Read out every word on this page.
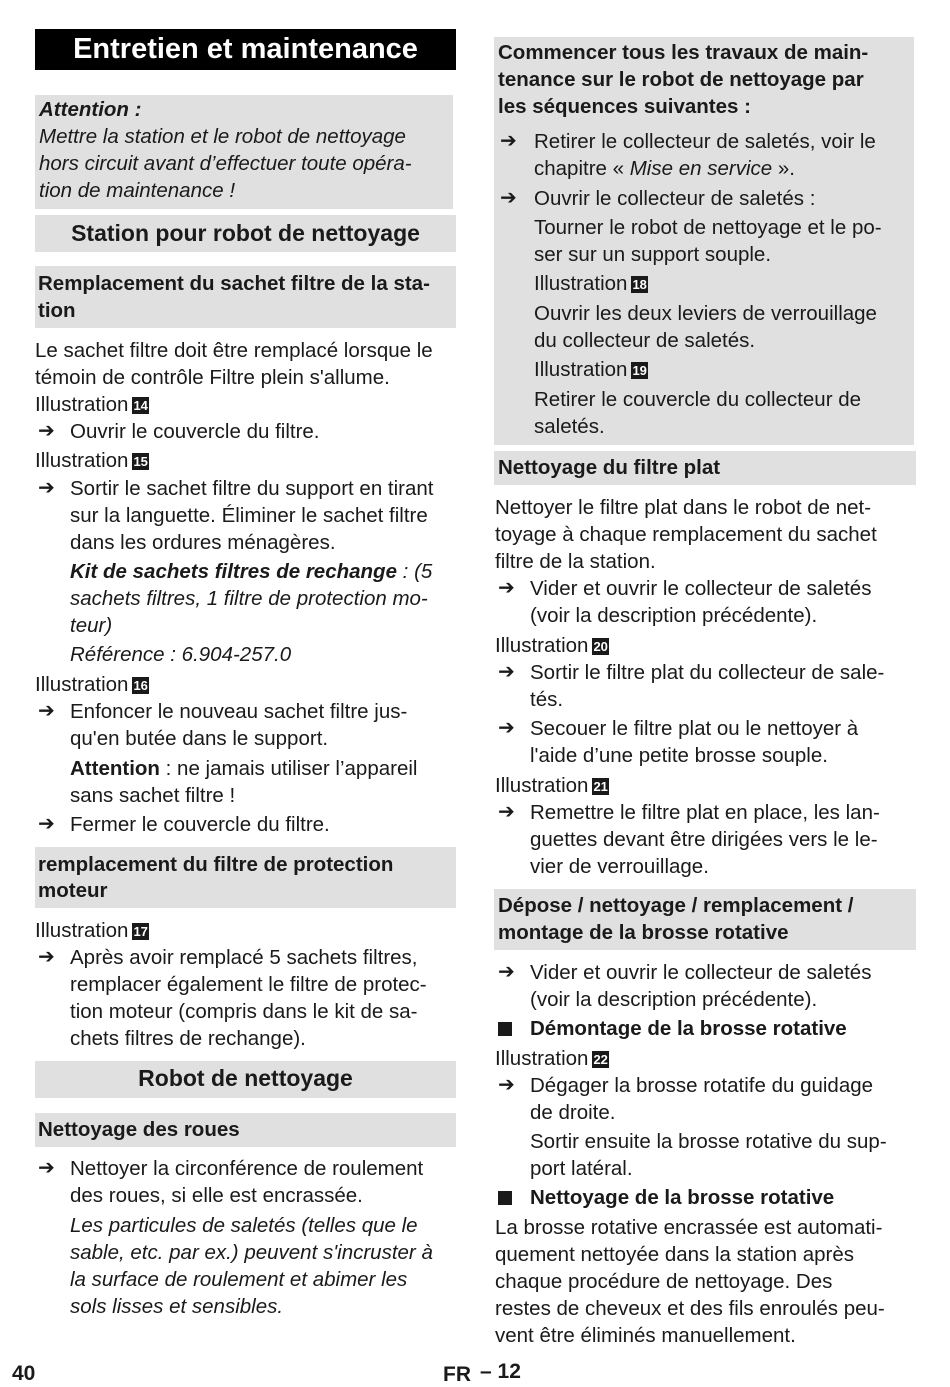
Entretien et maintenance
Attention :
Mettre la station et le robot de nettoyage
hors circuit avant d’effectuer toute opéra-
tion de maintenance !
Station pour robot de nettoyage
Remplacement du sachet filtre de la sta-
tion
Le sachet filtre doit être remplacé lorsque le
témoin de contrôle Filtre plein s'allume.
Illustration 14
➔ Ouvrir le couvercle du filtre.
Illustration 15
➔ Sortir le sachet filtre du support en tirant
sur la languette. Éliminer le sachet filtre
dans les ordures ménagères.
Kit de sachets filtres de rechange : (5
sachets filtres, 1 filtre de protection mo-
teur)
Référence : 6.904-257.0
Illustration 16
➔ Enfoncer le nouveau sachet filtre jus-
qu'en butée dans le support.
Attention : ne jamais utiliser l’appareil
sans sachet filtre !
➔ Fermer le couvercle du filtre.
remplacement du filtre de protection
moteur
Illustration 17
➔ Après avoir remplacé 5 sachets filtres,
remplacer également le filtre de protec-
tion moteur (compris dans le kit de sa-
chets filtres de rechange).
Robot de nettoyage
Nettoyage des roues
➔ Nettoyer la circonférence de roulement
des roues, si elle est encrassée.
Les particules de saletés (telles que le
sable, etc. par ex.) peuvent s'incruster à
la surface de roulement et abimer les
sols lisses et sensibles.
Commencer tous les travaux de main-
tenance sur le robot de nettoyage par
les séquences suivantes :
➔ Retirer le collecteur de saletés, voir le
chapitre « Mise en service ».
➔ Ouvrir le collecteur de saletés :
Tourner le robot de nettoyage et le po-
ser sur un support souple.
Illustration 18
Ouvrir les deux leviers de verrouillage
du collecteur de saletés.
Illustration 19
Retirer le couvercle du collecteur de
saletés.
Nettoyage du filtre plat
Nettoyer le filtre plat dans le robot de net-
toyage à chaque remplacement du sachet
filtre de la station.
➔ Vider et ouvrir le collecteur de saletés
(voir la description précédente).
Illustration 20
➔ Sortir le filtre plat du collecteur de sale-
tés.
➔ Secouer le filtre plat ou le nettoyer à
l'aide d’une petite brosse souple.
Illustration 21
➔ Remettre le filtre plat en place, les lan-
guettes devant être dirigées vers le le-
vier de verrouillage.
Dépose / nettoyage / remplacement /
montage de la brosse rotative
➔ Vider et ouvrir le collecteur de saletés
(voir la description précédente).
Démontage de la brosse rotative
Illustration 22
➔ Dégager la brosse rotatife du guidage
de droite.
Sortir ensuite la brosse rotative du sup-
port latéral.
Nettoyage de la brosse rotative
La brosse rotative encrassée est automati-
quement nettoyée dans la station après
chaque procédure de nettoyage. Des
restes de cheveux et des fils enroulés peu-
vent être éliminés manuellement.
40	FR – 12
